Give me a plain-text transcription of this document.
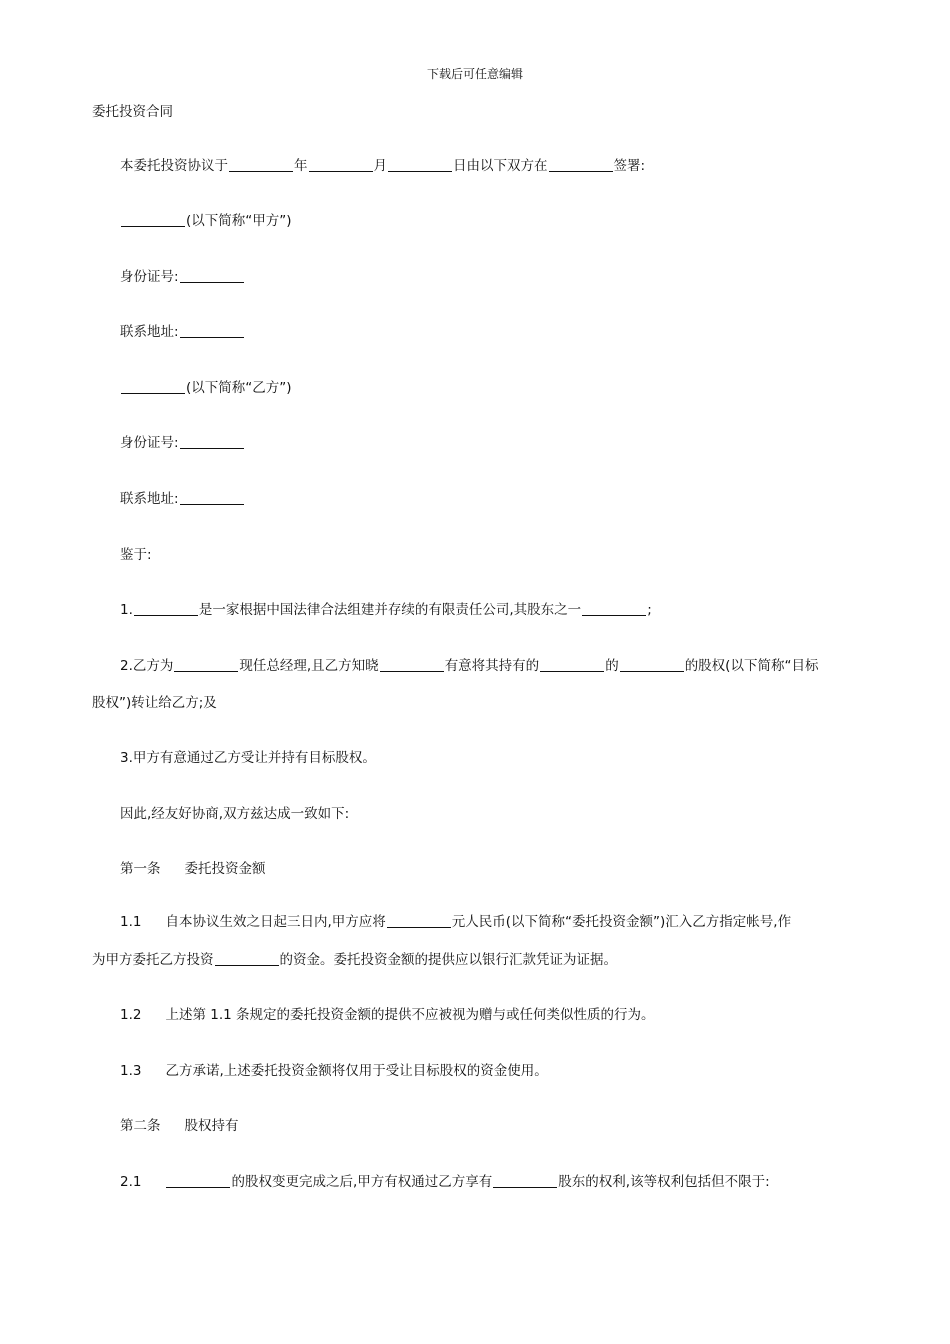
下载后可任意编辑
委托投资合同
本委托投资协议于	年	月	日由以下双方在	签署:
(以下简称“甲方”)
身份证号:
联系地址:
(以下简称“乙方”)
身份证号:
联系地址:
鉴于:
1.	是一家根据中国法律合法组建并存续的有限责任公司,其股东之一	;
2.乙方为	现任总经理,且乙方知晓	有意将其持有的	的	的股权(以下简称“目标
股权”)转让给乙方;及
3.甲方有意通过乙方受让并持有目标股权。
因此,经友好协商,双方兹达成一致如下:
第一条 委托投资金额
1.1 自本协议生效之日起三日内,甲方应将	元人民币(以下简称“委托投资金额”)汇入乙方指定帐号,作
为甲方委托乙方投资	的资金。委托投资金额的提供应以银行汇款凭证为证据。
1.2 上述第 1.1 条规定的委托投资金额的提供不应被视为赠与或任何类似性质的行为。
1.3 乙方承诺,上述委托投资金额将仅用于受让目标股权的资金使用。
第二条 股权持有
2.1	的股权变更完成之后,甲方有权通过乙方享有	股东的权利,该等权利包括但不限于:
